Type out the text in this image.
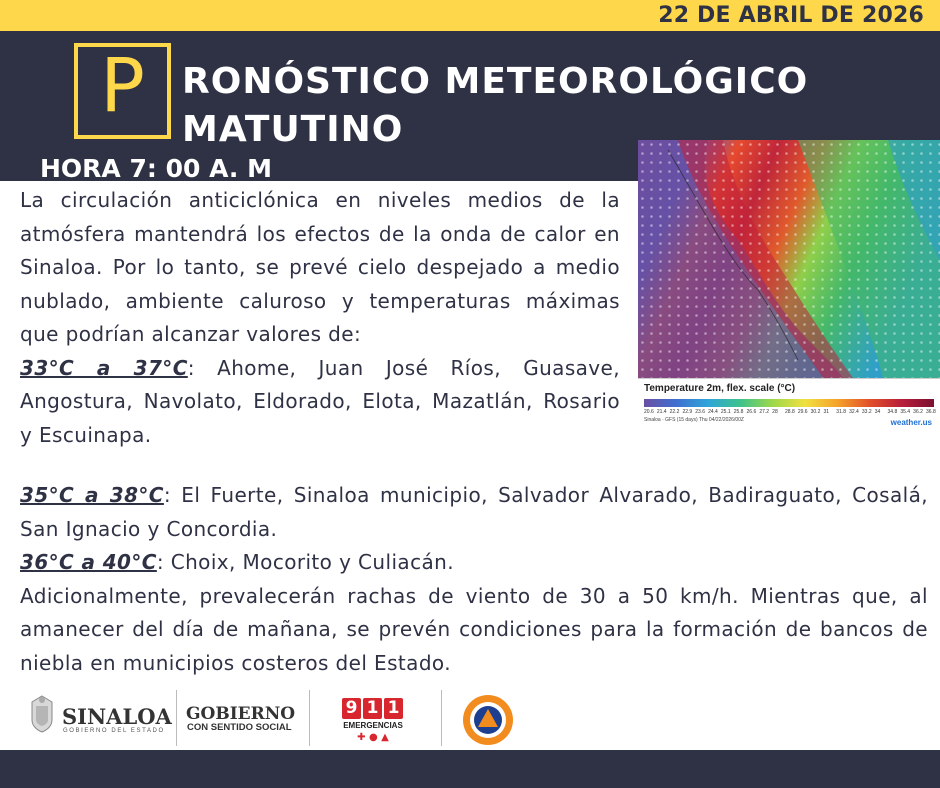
22 DE ABRIL DE 2026
P	RONÓSTICO METEOROLÓGICO
MATUTINO
HORA 7: 00 A. M
Temperature 2m, flex. scale (°C)
20.6 21.4 22.2 22.9 23.6 24.4 25.1 25.8 26.6 27.2 28 28.8 29.6 30.2 31 31.8 32.4 33.2 34 34.8 35.4 36.2 36.8
Sinaloa · GFS (15 days) Thu 04/22/2026/00Z	weather.us

La circulación anticiclónica en niveles medios de la atmósfera mantendrá los efectos de la onda de calor en Sinaloa. Por lo tanto, se prevé cielo despejado a medio nublado, ambiente caluroso y temperaturas máximas que podrían alcanzar valores de:
33°C a 37°C: Ahome, Juan José Ríos, Guasave, Angostura, Navolato, Eldorado, Elota, Mazatlán, Rosario y Escuinapa.

35°C a 38°C: El Fuerte, Sinaloa municipio, Salvador Alvarado, Badiraguato, Cosalá, San Ignacio y Concordia.

36°C a 40°C: Choix, Mocorito y Culiacán.

Adicionalmente, prevalecerán rachas de viento de 30 a 50 km/h. Mientras que, al amanecer del día de mañana, se prevén condiciones para la formación de bancos de niebla en municipios costeros del Estado.

SINALOA
GOBIERNO DEL ESTADO
GOBIERNO
CON SENTIDO SOCIAL
9 1 1
EMERGENCIAS
✚ ● ▲
